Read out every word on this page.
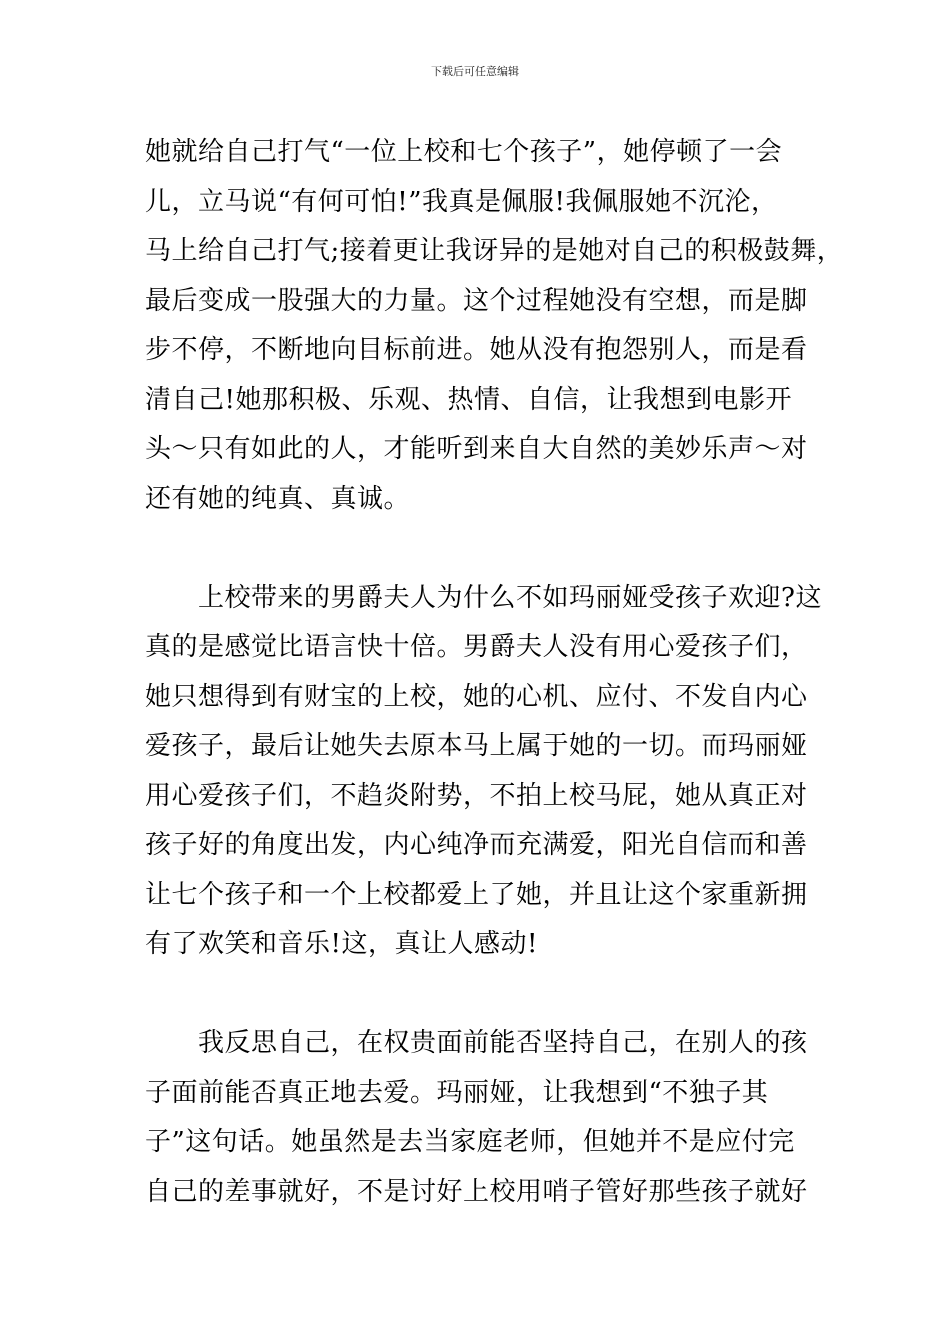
下载后可任意编辑
她就给自己打气“一位上校和七个孩子”，她停顿了一会
儿，立马说“有何可怕!”我真是佩服!我佩服她不沉沦，
马上给自己打气;接着更让我讶异的是她对自己的积极鼓舞，
最后变成一股强大的力量。这个过程她没有空想，而是脚
步不停，不断地向目标前进。她从没有抱怨别人，而是看
清自己!她那积极、乐观、热情、自信，让我想到电影开
头～只有如此的人，才能听到来自大自然的美妙乐声～对
还有她的纯真、真诚。
　　上校带来的男爵夫人为什么不如玛丽娅受孩子欢迎?这
真的是感觉比语言快十倍。男爵夫人没有用心爱孩子们，
她只想得到有财宝的上校，她的心机、应付、不发自内心
爱孩子，最后让她失去原本马上属于她的一切。而玛丽娅
用心爱孩子们，不趋炎附势，不拍上校马屁，她从真正对
孩子好的角度出发，内心纯净而充满爱，阳光自信而和善
让七个孩子和一个上校都爱上了她，并且让这个家重新拥
有了欢笑和音乐!这，真让人感动!
　　我反思自己，在权贵面前能否坚持自己，在别人的孩
子面前能否真正地去爱。玛丽娅，让我想到“不独子其
子”这句话。她虽然是去当家庭老师，但她并不是应付完
自己的差事就好，不是讨好上校用哨子管好那些孩子就好
